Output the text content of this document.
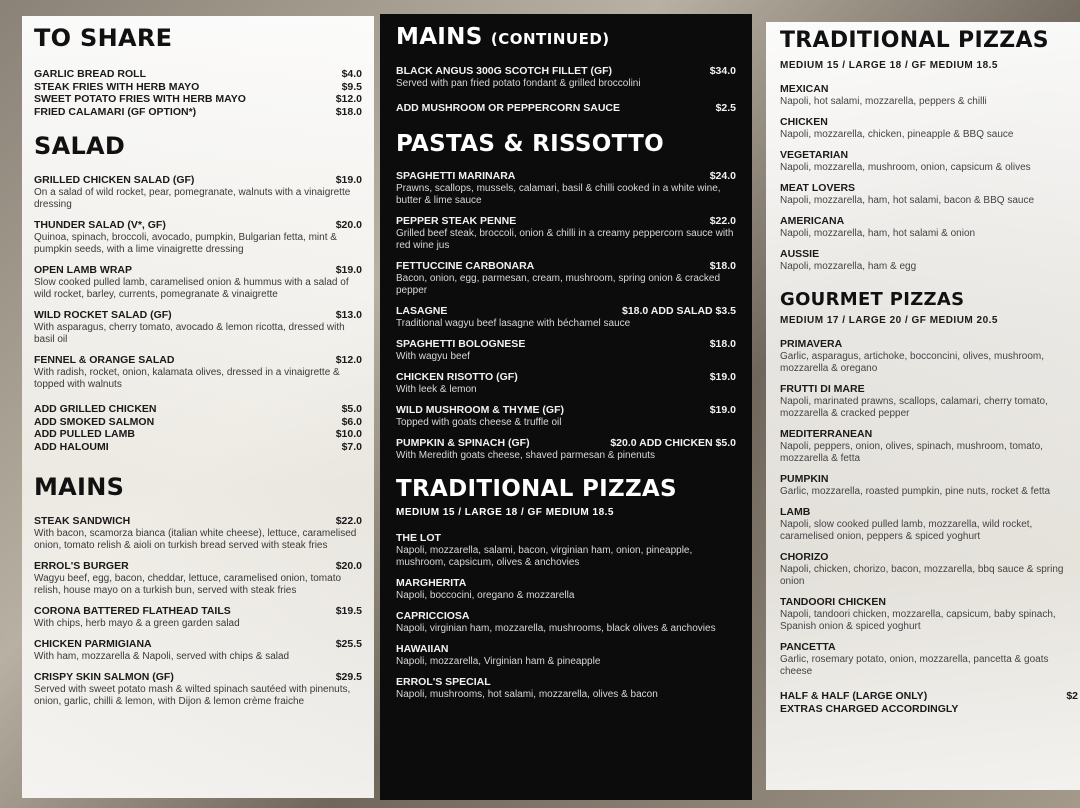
TO SHARE
GARLIC BREAD ROLL	$4.0
STEAK FRIES WITH HERB MAYO	$9.5
SWEET POTATO FRIES WITH HERB MAYO	$12.0
FRIED CALAMARI (GF OPTION*)	$18.0
SALAD
GRILLED CHICKEN SALAD (GF)	$19.0
On a salad of wild rocket, pear, pomegranate, walnuts with a vinaigrette dressing
THUNDER SALAD (V*, GF)	$20.0
Quinoa, spinach, broccoli, avocado, pumpkin, Bulgarian fetta, mint & pumpkin seeds, with a lime vinaigrette dressing
OPEN LAMB WRAP	$19.0
Slow cooked pulled lamb, caramelised onion & hummus with a salad of wild rocket, barley, currents, pomegranate & vinaigrette
WILD ROCKET SALAD (GF)	$13.0
With asparagus, cherry tomato, avocado & lemon ricotta, dressed with basil oil
FENNEL & ORANGE SALAD	$12.0
With radish, rocket, onion, kalamata olives, dressed in a vinaigrette & topped with walnuts
ADD GRILLED CHICKEN	$5.0
ADD SMOKED SALMON	$6.0
ADD PULLED LAMB	$10.0
ADD HALOUMI	$7.0
MAINS
STEAK SANDWICH	$22.0
With bacon, scamorza bianca (italian white cheese), lettuce, caramelised onion, tomato relish & aioli on turkish bread served with steak fries
ERROL'S BURGER	$20.0
Wagyu beef, egg, bacon, cheddar, lettuce, caramelised onion, tomato relish, house mayo on a turkish bun, served with steak fries
CORONA BATTERED FLATHEAD TAILS	$19.5
With chips, herb mayo & a green garden salad
CHICKEN PARMIGIANA	$25.5
With ham, mozzarella & Napoli, served with chips & salad
CRISPY SKIN SALMON (GF)	$29.5
Served with sweet potato mash & wilted spinach sautéed with pinenuts, onion, garlic, chilli & lemon, with Dijon & lemon crème fraiche
MAINS (CONTINUED)
BLACK ANGUS 300G SCOTCH FILLET (GF)	$34.0
Served with pan fried potato fondant & grilled broccolini
ADD MUSHROOM OR PEPPERCORN SAUCE	$2.5
PASTAS & RISSOTTO
SPAGHETTI MARINARA	$24.0
Prawns, scallops, mussels, calamari, basil & chilli cooked in a white wine, butter & lime sauce
PEPPER STEAK PENNE	$22.0
Grilled beef steak, broccoli, onion & chilli in a creamy peppercorn sauce with red wine jus
FETTUCCINE CARBONARA	$18.0
Bacon, onion, egg, parmesan, cream, mushroom, spring onion & cracked pepper
LASAGNE	$18.0 ADD SALAD $3.5
Traditional wagyu beef lasagne with béchamel sauce
SPAGHETTI BOLOGNESE	$18.0
With wagyu beef
CHICKEN RISOTTO (GF)	$19.0
With leek & lemon
WILD MUSHROOM & THYME (GF)	$19.0
Topped with goats cheese & truffle oil
PUMPKIN & SPINACH (GF)	$20.0 ADD CHICKEN $5.0
With Meredith goats cheese, shaved parmesan & pinenuts
TRADITIONAL PIZZAS
MEDIUM 15 / LARGE 18 / GF MEDIUM 18.5
THE LOT
Napoli, mozzarella, salami, bacon, virginian ham, onion, pineapple, mushroom, capsicum, olives & anchovies
MARGHERITA
Napoli, boccocini, oregano & mozzarella
CAPRICCIOSA
Napoli, virginian ham, mozzarella, mushrooms, black olives & anchovies
HAWAIIAN
Napoli, mozzarella, Virginian ham & pineapple
ERROL'S SPECIAL
Napoli, mushrooms, hot salami, mozzarella, olives & bacon
TRADITIONAL PIZZAS
MEDIUM 15 / LARGE 18 / GF MEDIUM 18.5
MEXICAN
Napoli, hot salami, mozzarella, peppers & chilli
CHICKEN
Napoli, mozzarella, chicken, pineapple & BBQ sauce
VEGETARIAN
Napoli, mozzarella, mushroom, onion, capsicum & olives
MEAT LOVERS
Napoli, mozzarella, ham, hot salami, bacon & BBQ sauce
AMERICANA
Napoli, mozzarella, ham, hot salami & onion
AUSSIE
Napoli, mozzarella, ham & egg
GOURMET PIZZAS
MEDIUM 17 / LARGE 20 / GF MEDIUM 20.5
PRIMAVERA
Garlic, asparagus, artichoke, bocconcini, olives, mushroom, mozzarella & oregano
FRUTTI DI MARE
Napoli, marinated prawns, scallops, calamari, cherry tomato, mozzarella & cracked pepper
MEDITERRANEAN
Napoli, peppers, onion, olives, spinach, mushroom, tomato, mozzarella & fetta
PUMPKIN
Garlic, mozzarella, roasted pumpkin, pine nuts, rocket & fetta
LAMB
Napoli, slow cooked pulled lamb, mozzarella, wild rocket, caramelised onion, peppers & spiced yoghurt
CHORIZO
Napoli, chicken, chorizo, bacon, mozzarella, bbq sauce & spring onion
TANDOORI CHICKEN
Napoli, tandoori chicken, mozzarella, capsicum, baby spinach, Spanish onion & spiced yoghurt
PANCETTA
Garlic, rosemary potato, onion, mozzarella, pancetta & goats cheese
HALF & HALF (LARGE ONLY)	$2
EXTRAS CHARGED ACCORDINGLY
